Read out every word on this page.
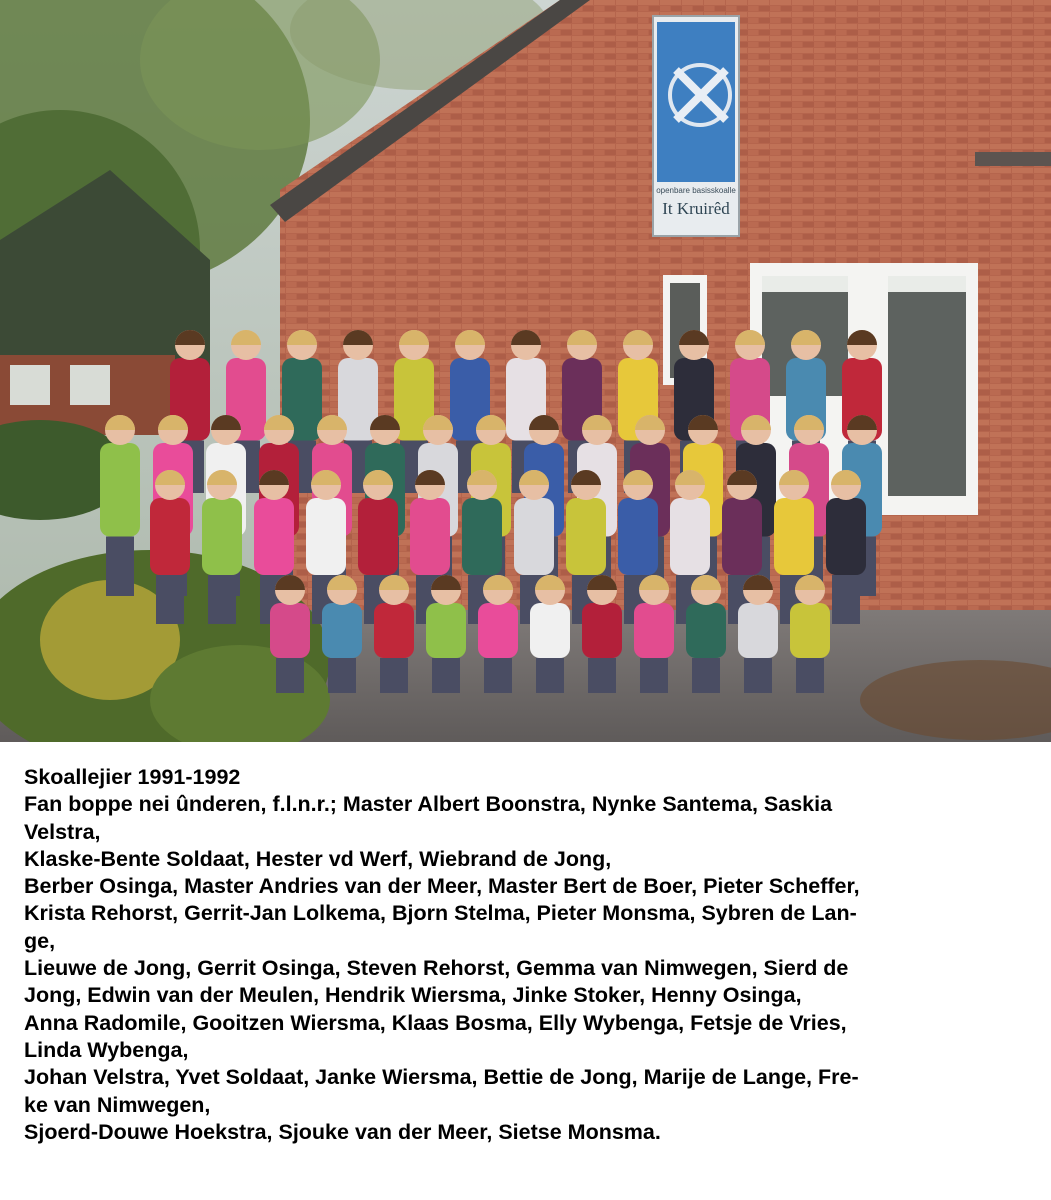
openbare basisskoalle
It Kruirêd
Skoallejier 1991-1992
Fan boppe nei ûnderen, f.l.n.r.; Master Albert Boonstra, Nynke Santema, Saskia
Velstra,
Klaske-Bente Soldaat, Hester vd Werf, Wiebrand de Jong,
Berber Osinga, Master Andries van der Meer, Master Bert de Boer, Pieter Scheffer,
Krista Rehorst, Gerrit-Jan Lolkema, Bjorn Stelma, Pieter Monsma, Sybren de Lan-
ge,
Lieuwe de Jong, Gerrit Osinga, Steven Rehorst, Gemma van Nimwegen, Sierd de
Jong, Edwin van der Meulen, Hendrik Wiersma, Jinke Stoker, Henny Osinga,
Anna Radomile, Gooitzen Wiersma, Klaas Bosma, Elly Wybenga, Fetsje de Vries,
Linda Wybenga,
Johan Velstra, Yvet Soldaat, Janke Wiersma, Bettie de Jong, Marije de Lange, Fre-
ke van Nimwegen,
Sjoerd-Douwe Hoekstra, Sjouke van der Meer, Sietse Monsma.
